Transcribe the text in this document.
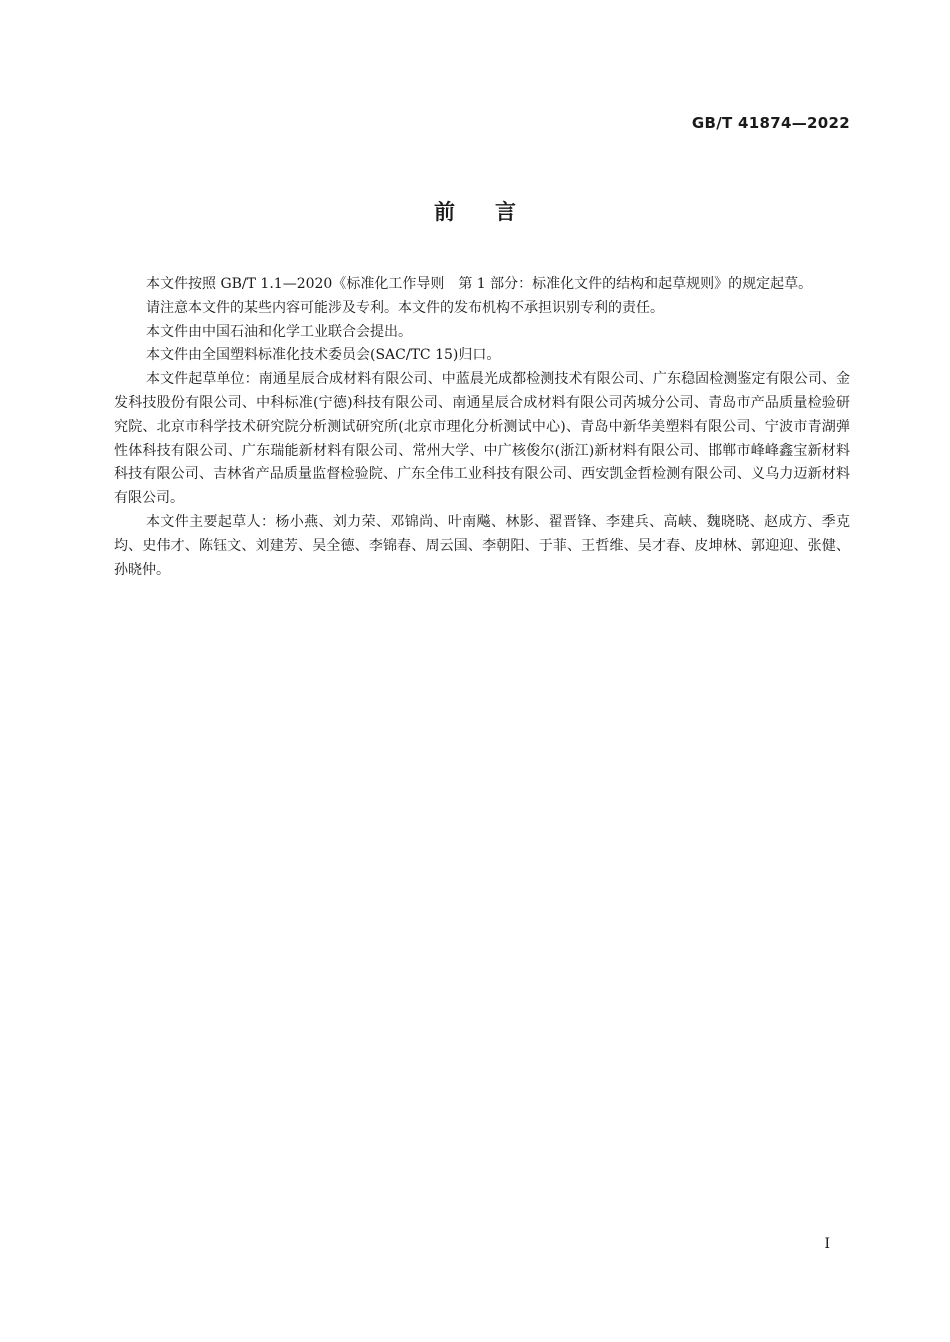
GB/T 41874—2022
前言

本文件按照 GB/T 1.1—2020《标准化工作导则　第 1 部分：标准化文件的结构和起草规则》的规定起草。

请注意本文件的某些内容可能涉及专利。本文件的发布机构不承担识别专利的责任。

本文件由中国石油和化学工业联合会提出。

本文件由全国塑料标准化技术委员会(SAC/TC 15)归口。

本文件起草单位：南通星辰合成材料有限公司、中蓝晨光成都检测技术有限公司、广东稳固检测鉴定有限公司、金发科技股份有限公司、中科标准(宁德)科技有限公司、南通星辰合成材料有限公司芮城分公司、青岛市产品质量检验研究院、北京市科学技术研究院分析测试研究所(北京市理化分析测试中心)、青岛中新华美塑料有限公司、宁波市青湖弹性体科技有限公司、广东瑞能新材料有限公司、常州大学、中广核俊尔(浙江)新材料有限公司、邯郸市峰峰鑫宝新材料科技有限公司、吉林省产品质量监督检验院、广东全伟工业科技有限公司、西安凯金哲检测有限公司、义乌力迈新材料有限公司。

本文件主要起草人：杨小燕、刘力荣、邓锦尚、叶南飚、林影、翟晋锋、李建兵、高峡、魏晓晓、赵成方、季克均、史伟才、陈钰文、刘建芳、吴全德、李锦春、周云国、李朝阳、于菲、王哲维、吴才春、皮坤林、郭迎迎、张健、孙晓仲。

I
